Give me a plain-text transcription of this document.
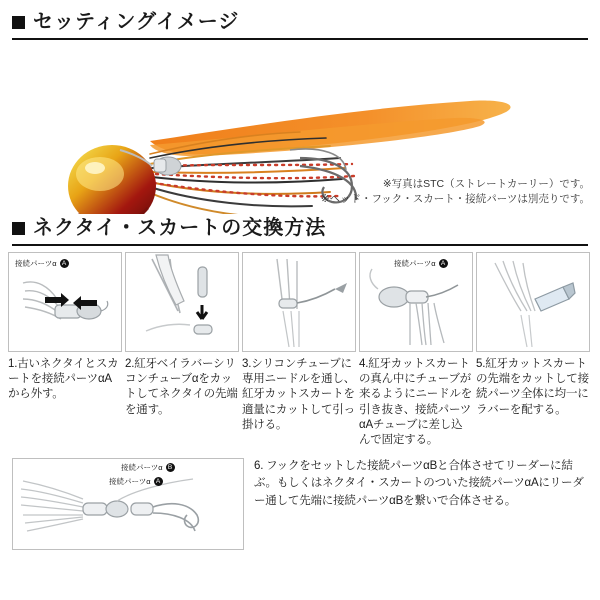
セッティングイメージ
※写真はSTC（ストレートカーリー）です。
※ヘッド・フック・スカート・接続パーツは別売りです。
ネクタイ・スカートの交換方法
接続パーツα A
1.古いネクタイとスカートを接続パーツαAから外す。
2.紅牙ベイラバーシリコンチューブαをカットしてネクタイの先端を通す。
3.シリコンチューブに専用ニードルを通し、紅牙カットスカートを適量にカットして引っ掛ける。
接続パーツα A
4.紅牙カットスカートの真ん中にチューブが来るようにニードルを引き抜き、接続パーツαAチューブに差し込んで固定する。
5.紅牙カットスカートの先端をカットして接続パーツ全体に均一にラバーを配する。
接続パーツα B
接続パーツα A
6. フックをセットした接続パーツαBと合体させてリーダーに結ぶ。もしくはネクタイ・スカートのついた接続パーツαAにリーダー通して先端に接続パーツαBを繋いで合体させる。
